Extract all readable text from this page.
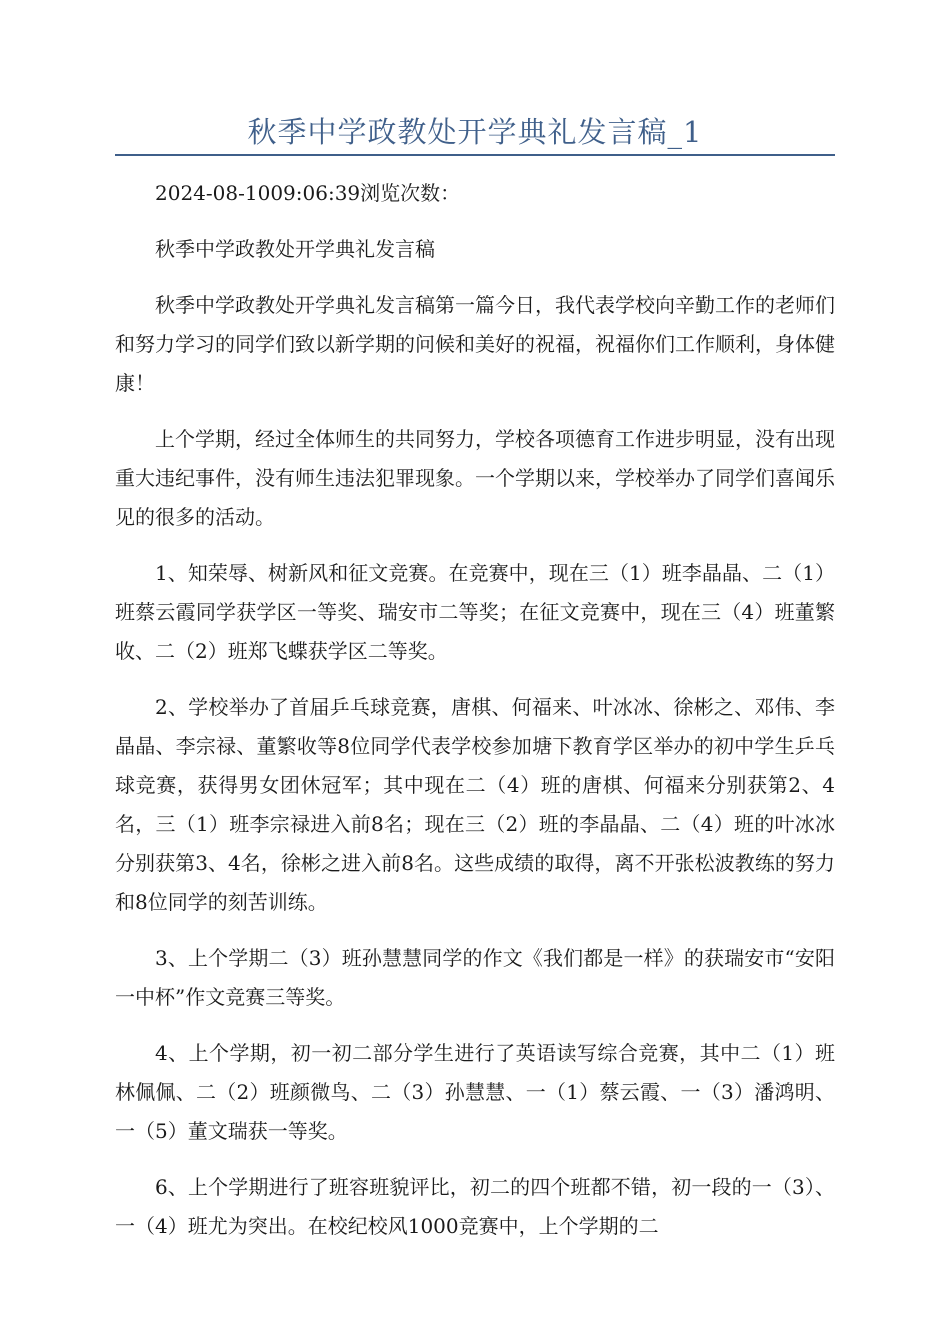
秋季中学政教处开学典礼发言稿_1

2024-08-1009:06:39浏览次数：

秋季中学政教处开学典礼发言稿

秋季中学政教处开学典礼发言稿第一篇今日，我代表学校向辛勤工作的老师们和努力学习的同学们致以新学期的问候和美好的祝福，祝福你们工作顺利，身体健康！

上个学期，经过全体师生的共同努力，学校各项德育工作进步明显，没有出现重大违纪事件，没有师生违法犯罪现象。一个学期以来，学校举办了同学们喜闻乐见的很多的活动。

1、知荣辱、树新风和征文竞赛。在竞赛中，现在三（1）班李晶晶、二（1）班蔡云霞同学获学区一等奖、瑞安市二等奖；在征文竞赛中，现在三（4）班董繁收、二（2）班郑飞蝶获学区二等奖。

2、学校举办了首届乒乓球竞赛，唐棋、何福来、叶冰冰、徐彬之、邓伟、李晶晶、李宗禄、董繁收等8位同学代表学校参加塘下教育学区举办的初中学生乒乓球竞赛，获得男女团休冠军；其中现在二（4）班的唐棋、何福来分别获第2、4名，三（1）班李宗禄进入前8名；现在三（2）班的李晶晶、二（4）班的叶冰冰分别获第3、4名，徐彬之进入前8名。这些成绩的取得，离不开张松波教练的努力和8位同学的刻苦训练。

3、上个学期二（3）班孙慧慧同学的作文《我们都是一样》的获瑞安市“安阳一中杯”作文竞赛三等奖。

4、上个学期，初一初二部分学生进行了英语读写综合竞赛，其中二（1）班林佩佩、二（2）班颜微鸟、二（3）孙慧慧、一（1）蔡云霞、一（3）潘鸿明、一（5）董文瑞获一等奖。

6、上个学期进行了班容班貌评比，初二的四个班都不错，初一段的一（3）、一（4）班尤为突出。在校纪校风1000竞赛中，上个学期的二
